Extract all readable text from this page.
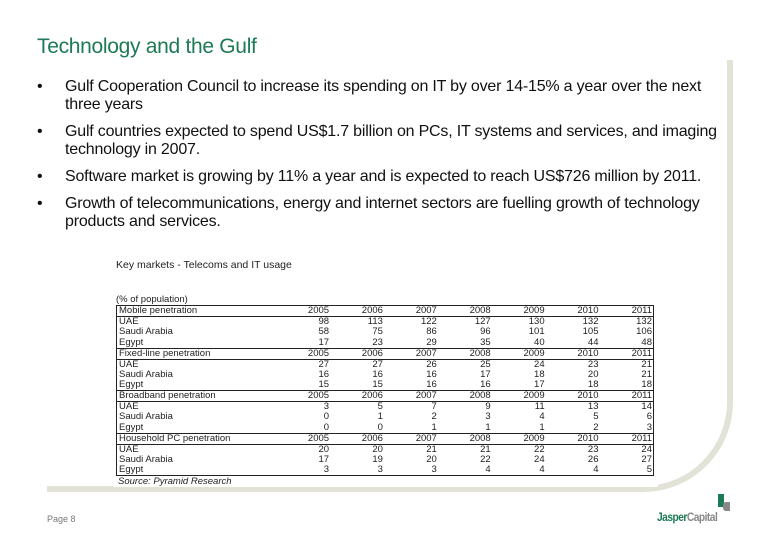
Technology and the Gulf
•	Gulf Cooperation Council to increase its spending on IT by over 14-15% a year over the next three years
•	Gulf countries expected to spend US$1.7 billion on PCs, IT systems and services, and imaging technology in 2007.
•	Software market is growing by 11% a year and is expected to reach US$726 million by 2011.
•	Growth of telecommunications, energy and internet sectors are fuelling growth of technology products and services.
Key markets - Telecoms and IT usage
(% of population)
Mobile penetration	2005	2006	2007	2008	2009	2010	2011
UAE	98	113	122	127	130	132	132
Saudi Arabia	58	75	86	96	101	105	106
Egypt	17	23	29	35	40	44	48
Fixed-line penetration	2005	2006	2007	2008	2009	2010	2011
UAE	27	27	26	25	24	23	21
Saudi Arabia	16	16	16	17	18	20	21
Egypt	15	15	16	16	17	18	18
Broadband penetration	2005	2006	2007	2008	2009	2010	2011
UAE	3	5	7	9	11	13	14
Saudi Arabia	0	1	2	3	4	5	6
Egypt	0	0	1	1	1	2	3
Household PC penetration	2005	2006	2007	2008	2009	2010	2011
UAE	20	20	21	21	22	23	24
Saudi Arabia	17	19	20	22	24	26	27
Egypt	3	3	3	4	4	4	5
Source: Pyramid Research
Page 8	JasperCapital
